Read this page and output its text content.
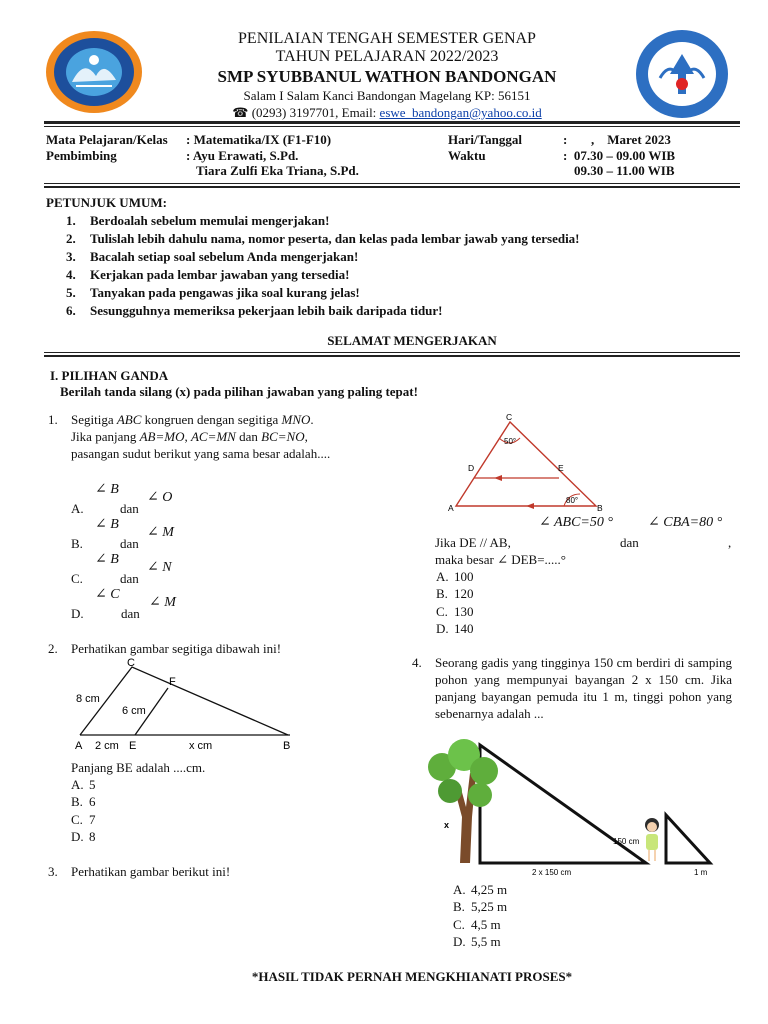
PENILAIAN TENGAH SEMESTER GENAP
TAHUN PELAJARAN 2022/2023
SMP SYUBBANUL WATHON BANDONGAN
Salam I Salam Kanci Bandongan Magelang KP: 56151
☎ (0293) 3197701, Email: eswe_bandongan@yahoo.co.id
Mata Pelajaran/Kelas : Matematika/IX (F1-F10)
Pembimbing	: Ayu Erawati, S.Pd.
Tiara Zulfi Eka Triana, S.Pd.
Hari/Tanggal	: ,    Maret 2023
Waktu	:  07.30 – 09.00 WIB
09.30 – 11.00 WIB
PETUNJUK UMUM:
1. Berdoalah sebelum memulai mengerjakan!
2. Tulislah lebih dahulu nama, nomor peserta, dan kelas pada lembar jawab yang tersedia!
3. Bacalah setiap soal sebelum Anda mengerjakan!
4. Kerjakan pada lembar jawaban yang tersedia!
5. Tanyakan pada pengawas jika soal kurang jelas!
6. Sesungguhnya memeriksa pekerjaan lebih baik daripada tidur!
SELAMAT MENGERJAKAN
I. PILIHAN GANDA
Berilah tanda silang (x) pada pilihan jawaban yang paling tepat!
1. Segitiga ABC kongruen dengan segitiga MNO.
Jika panjang AB=MO, AC=MN dan BC=NO,
pasangan sudut berikut yang sama besar adalah....
A.
∠ B
dan
∠ O
B.
∠ B
dan
∠ M
C.
∠ B
dan
∠ N
D.
∠ C
dan
∠ M
2. Perhatikan gambar segitiga dibawah ini!
C
F
A	E	B
8 cm
6 cm
2 cm	x cm
Panjang BE adalah ....cm.
A. 5
B. 6
C. 7
D. 8
3. Perhatikan gambar berikut ini!
C
D	E
A	B
50°
80°
∠ ABC=50 °	∠ CBA=80 °
Jika DE // AB,	dan	,
maka besar ∠ DEB=.....°
A. 100
B. 120
C. 130
D. 140
4. Seorang gadis yang tingginya 150 cm berdiri di samping pohon yang mempunyai bayangan 2 x 150 cm. Jika panjang bayangan pemuda itu 1 m, tinggi pohon yang sebenarnya adalah ...
x
2 x 150 cm
150 cm
1 m
A. 4,25 m
B. 5,25 m
C. 4,5 m
D. 5,5 m
*HASIL TIDAK PERNAH MENGKHIANATI PROSES*
